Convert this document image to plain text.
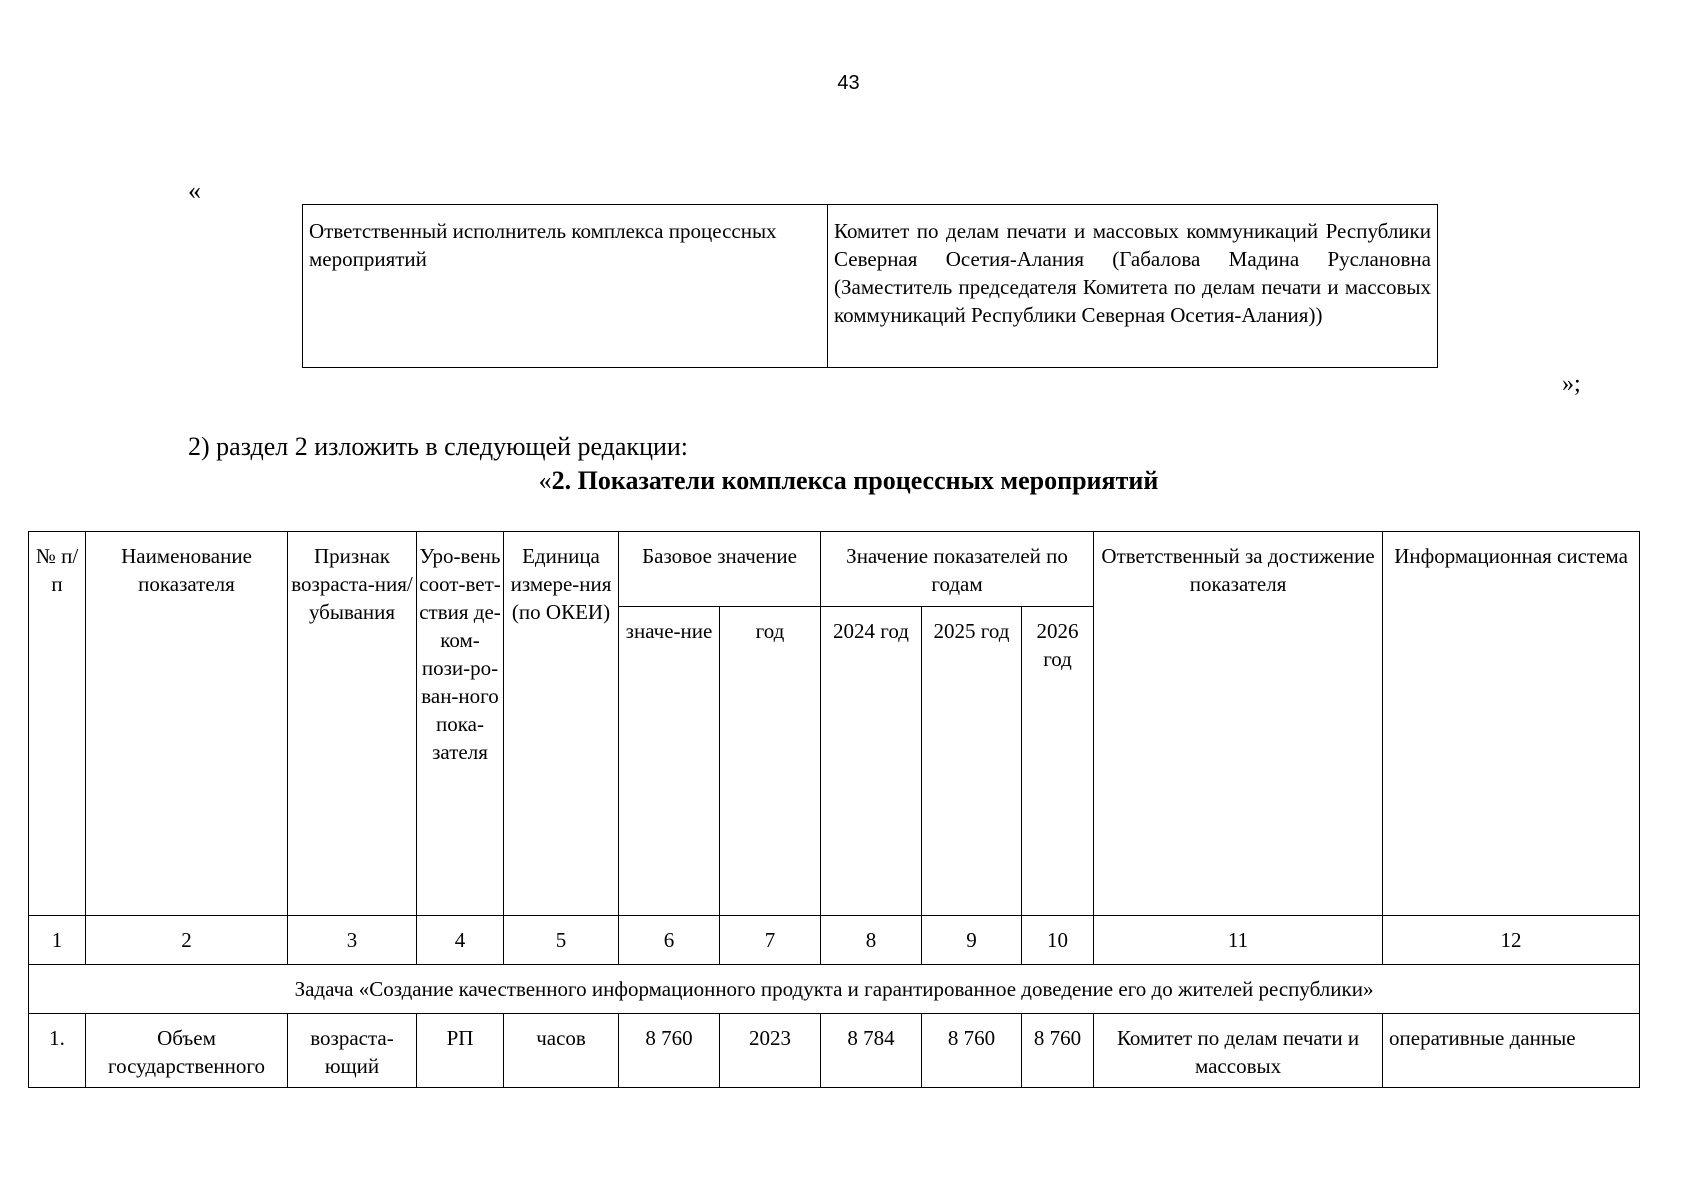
43
«
Ответственный исполнитель комплекса процессных мероприятий	Комитет по делам печати и массовых коммуникаций Республики Северная Осетия-Алания (Габалова Мадина Руслановна (Заместитель председателя Комитета по делам печати и массовых коммуникаций Республики Северная Осетия-Алания))
»;
2) раздел 2 изложить в следующей редакции:
«2. Показатели комплекса процессных мероприятий
№ п/п	Наименование показателя	Признак возраста-ния/ убывания	Уро-вень соот-вет-ствия де-ком-пози-ро-ван-ного пока-зателя	Единица измере-ния (по ОКЕИ)	Базовое значение		Значение показателей по годам			Ответственный за достижение показателя	Информационная система
					значе-ние	год	2024 год	2025 год	2026 год		
1	2	3	4	5	6	7	8	9	10	11	12
Задача «Создание качественного информационного продукта и гарантированное доведение его до жителей республики»											
1.	Объем государственного	возраста-ющий	РП	часов	8 760	2023	8 784	8 760	8 760	Комитет по делам печати и массовых	оперативные данные
